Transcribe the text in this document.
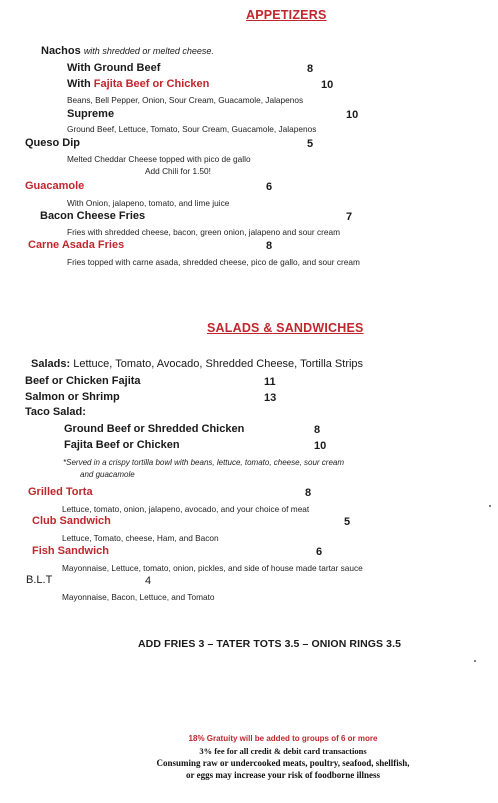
APPETIZERS
Nachos with shredded or melted cheese.
With Ground Beef	8
With Fajita Beef or Chicken	10
Beans, Bell Pepper, Onion, Sour Cream, Guacamole, Jalapenos
Supreme	10
Ground Beef, Lettuce, Tomato, Sour Cream, Guacamole, Jalapenos
Queso Dip	5
Melted Cheddar Cheese topped with pico de gallo
Add Chili for 1.50!
Guacamole	6
With Onion, jalapeno, tomato, and lime juice
Bacon Cheese Fries	7
Fries with shredded cheese, bacon, green onion, jalapeno and sour cream
Carne Asada Fries	8
Fries topped with carne asada, shredded cheese, pico de gallo, and sour cream
SALADS & SANDWICHES
Salads: Lettuce, Tomato, Avocado, Shredded Cheese, Tortilla Strips
Beef or Chicken Fajita	11
Salmon or Shrimp	13
Taco Salad:
Ground Beef or Shredded Chicken	8
Fajita Beef or Chicken	10
*Served in a crispy tortilla bowl with beans, lettuce, tomato, cheese, sour cream
and guacamole
Grilled Torta	8
Lettuce, tomato, onion, jalapeno, avocado, and your choice of meat
Club Sandwich	5
Lettuce, Tomato, cheese, Ham, and Bacon
Fish Sandwich	6
Mayonnaise, Lettuce, tomato, onion, pickles, and side of house made tartar sauce
B.L.T	4
Mayonnaise, Bacon, Lettuce, and Tomato
ADD FRIES 3 – TATER TOTS 3.5 – ONION RINGS 3.5
18% Gratuity will be added to groups of 6 or more
3% fee for all credit & debit card transactions
Consuming raw or undercooked meats, poultry, seafood, shellfish,
or eggs may increase your risk of foodborne illness
